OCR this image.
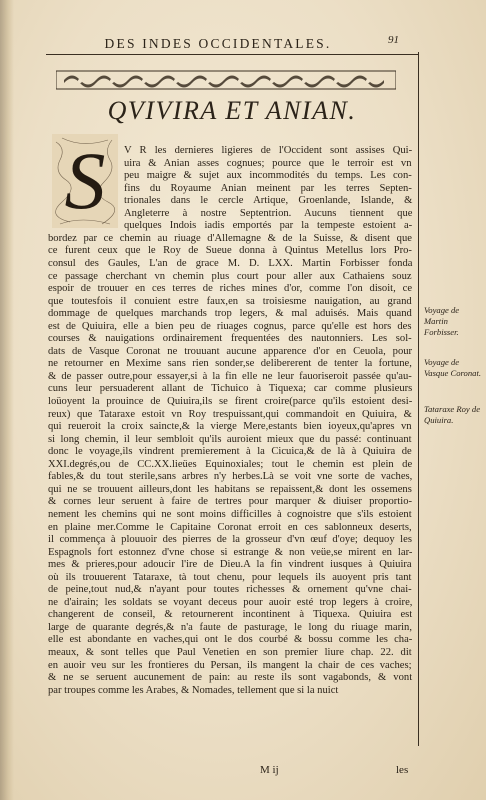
DES INDES OCCIDENTALES.	91
QVIVIRA ET ANIAN.
S V R les dernieres ligieres de l'Occident sont assises Qui-
uira & Anian asses cognues; pource que le terroir est vn
peu maigre & sujet aux incommodités du temps. Les con-
fins du Royaume Anian meinent par les terres Septen-
trionales dans le cercle Artique, Groenlande, Islande, &
Angleterre à nostre Septentrion. Aucuns tiennent que
quelques Indois iadis emportés par la tempeste estoient a-
bordez par ce chemin au riuage d'Allemagne & de la Suisse, & disent que
ce furent ceux que le Roy de Sueue donna à Quintus Metellus lors Pro-
consul des Gaules, L'an de grace M. D. LXX. Martin Forbisser fonda
ce passage cherchant vn chemin plus court pour aller aux Cathaiens souz
espoir de trouuer en ces terres de riches mines d'or, comme l'on disoit, ce
que toutesfois il conuient estre faux,en sa troisiesme nauigation, au grand
dommage de quelques marchands trop legers, & mal aduisés. Mais quand
est de Quiuira, elle a bien peu de riuages cognus, parce qu'elle est hors des
courses & nauigations ordinairement frequentées des nautonniers. Les sol-
dats de Vasque Coronat ne trouuant aucune apparence d'or en Ceuola, pour
ne retourner en Mexime sans rien sonder,se delibererent de tenter la fortune,
& de passer outre,pour essayer,si à la fin elle ne leur fauoriseroit passée qu'au-
cuns leur persuaderent allant de Tichuico à Tiquexa; car comme plusieurs
loüoyent la prouince de Quiuira,ils se firent croire(parce qu'ils estoient desi-
reux) que Tataraxe estoit vn Roy trespuissant,qui commandoit en Quiuira, &
qui reueroit la croix saincte,& la vierge Mere,estants bien ioyeux,qu'apres vn
si long chemin, il leur sembloit qu'ils auroient mieux que du passé: continuant
donc le voyage,ils vindrent premierement à la Cicuica,& de là à Quiuira de
XXI.degrés,ou de CC.XX.lieües Equinoxiales; tout le chemin est plein de
fables,& du tout sterile,sans arbres n'y herbes.Là se voit vne sorte de vaches,
qui ne se trouuent ailleurs,dont les habitans se repaissent,& dont les ossemens
& cornes leur seruent à faire de tertres pour marquer & diuiser proportio-
nement les chemins qui ne sont moins difficilles à cognoistre que s'ils estoient
en plaine mer.Comme le Capitaine Coronat erroit en ces sablonneux deserts,
il commença à plouuoir des pierres de la grosseur d'vn œuf d'oye; dequoy les
Espagnols fort estonnez d'vne chose si estrange & non veüe,se mirent en lar-
mes & prieres,pour adoucir l'ire de Dieu.A la fin vindrent iusques à Quiuira
où ils trouuerent Tataraxe, tà tout chenu, pour lequels ils auoyent pris tant
de peine,tout nud,& n'ayant pour toutes richesses & ornement qu'vne chai-
ne d'airain; les soldats se voyant deceus pour auoir esté trop legers à croire,
changerent de conseil, & retournerent incontinent à Tiquexa. Quiuira est
large de quarante degrés,& n'a faute de pasturage, le long du riuage marin,
elle est abondante en vaches,qui ont le dos courbé & bossu comme les cha-
meaux, & sont telles que Paul Venetien en son premier liure chap. 22. dit
en auoir veu sur les frontieres du Persan, ils mangent la chair de ces vaches;
& ne se seruent aucunement de pain: au reste ils sont vagabonds, & vont
par troupes comme les Arabes, & Nomades, tellement que si la nuict
Voyage de Martin Forbisser.
Voyage de Vasque Coronat.
Tataraxe Roy de Quiuira.
M ij	les
